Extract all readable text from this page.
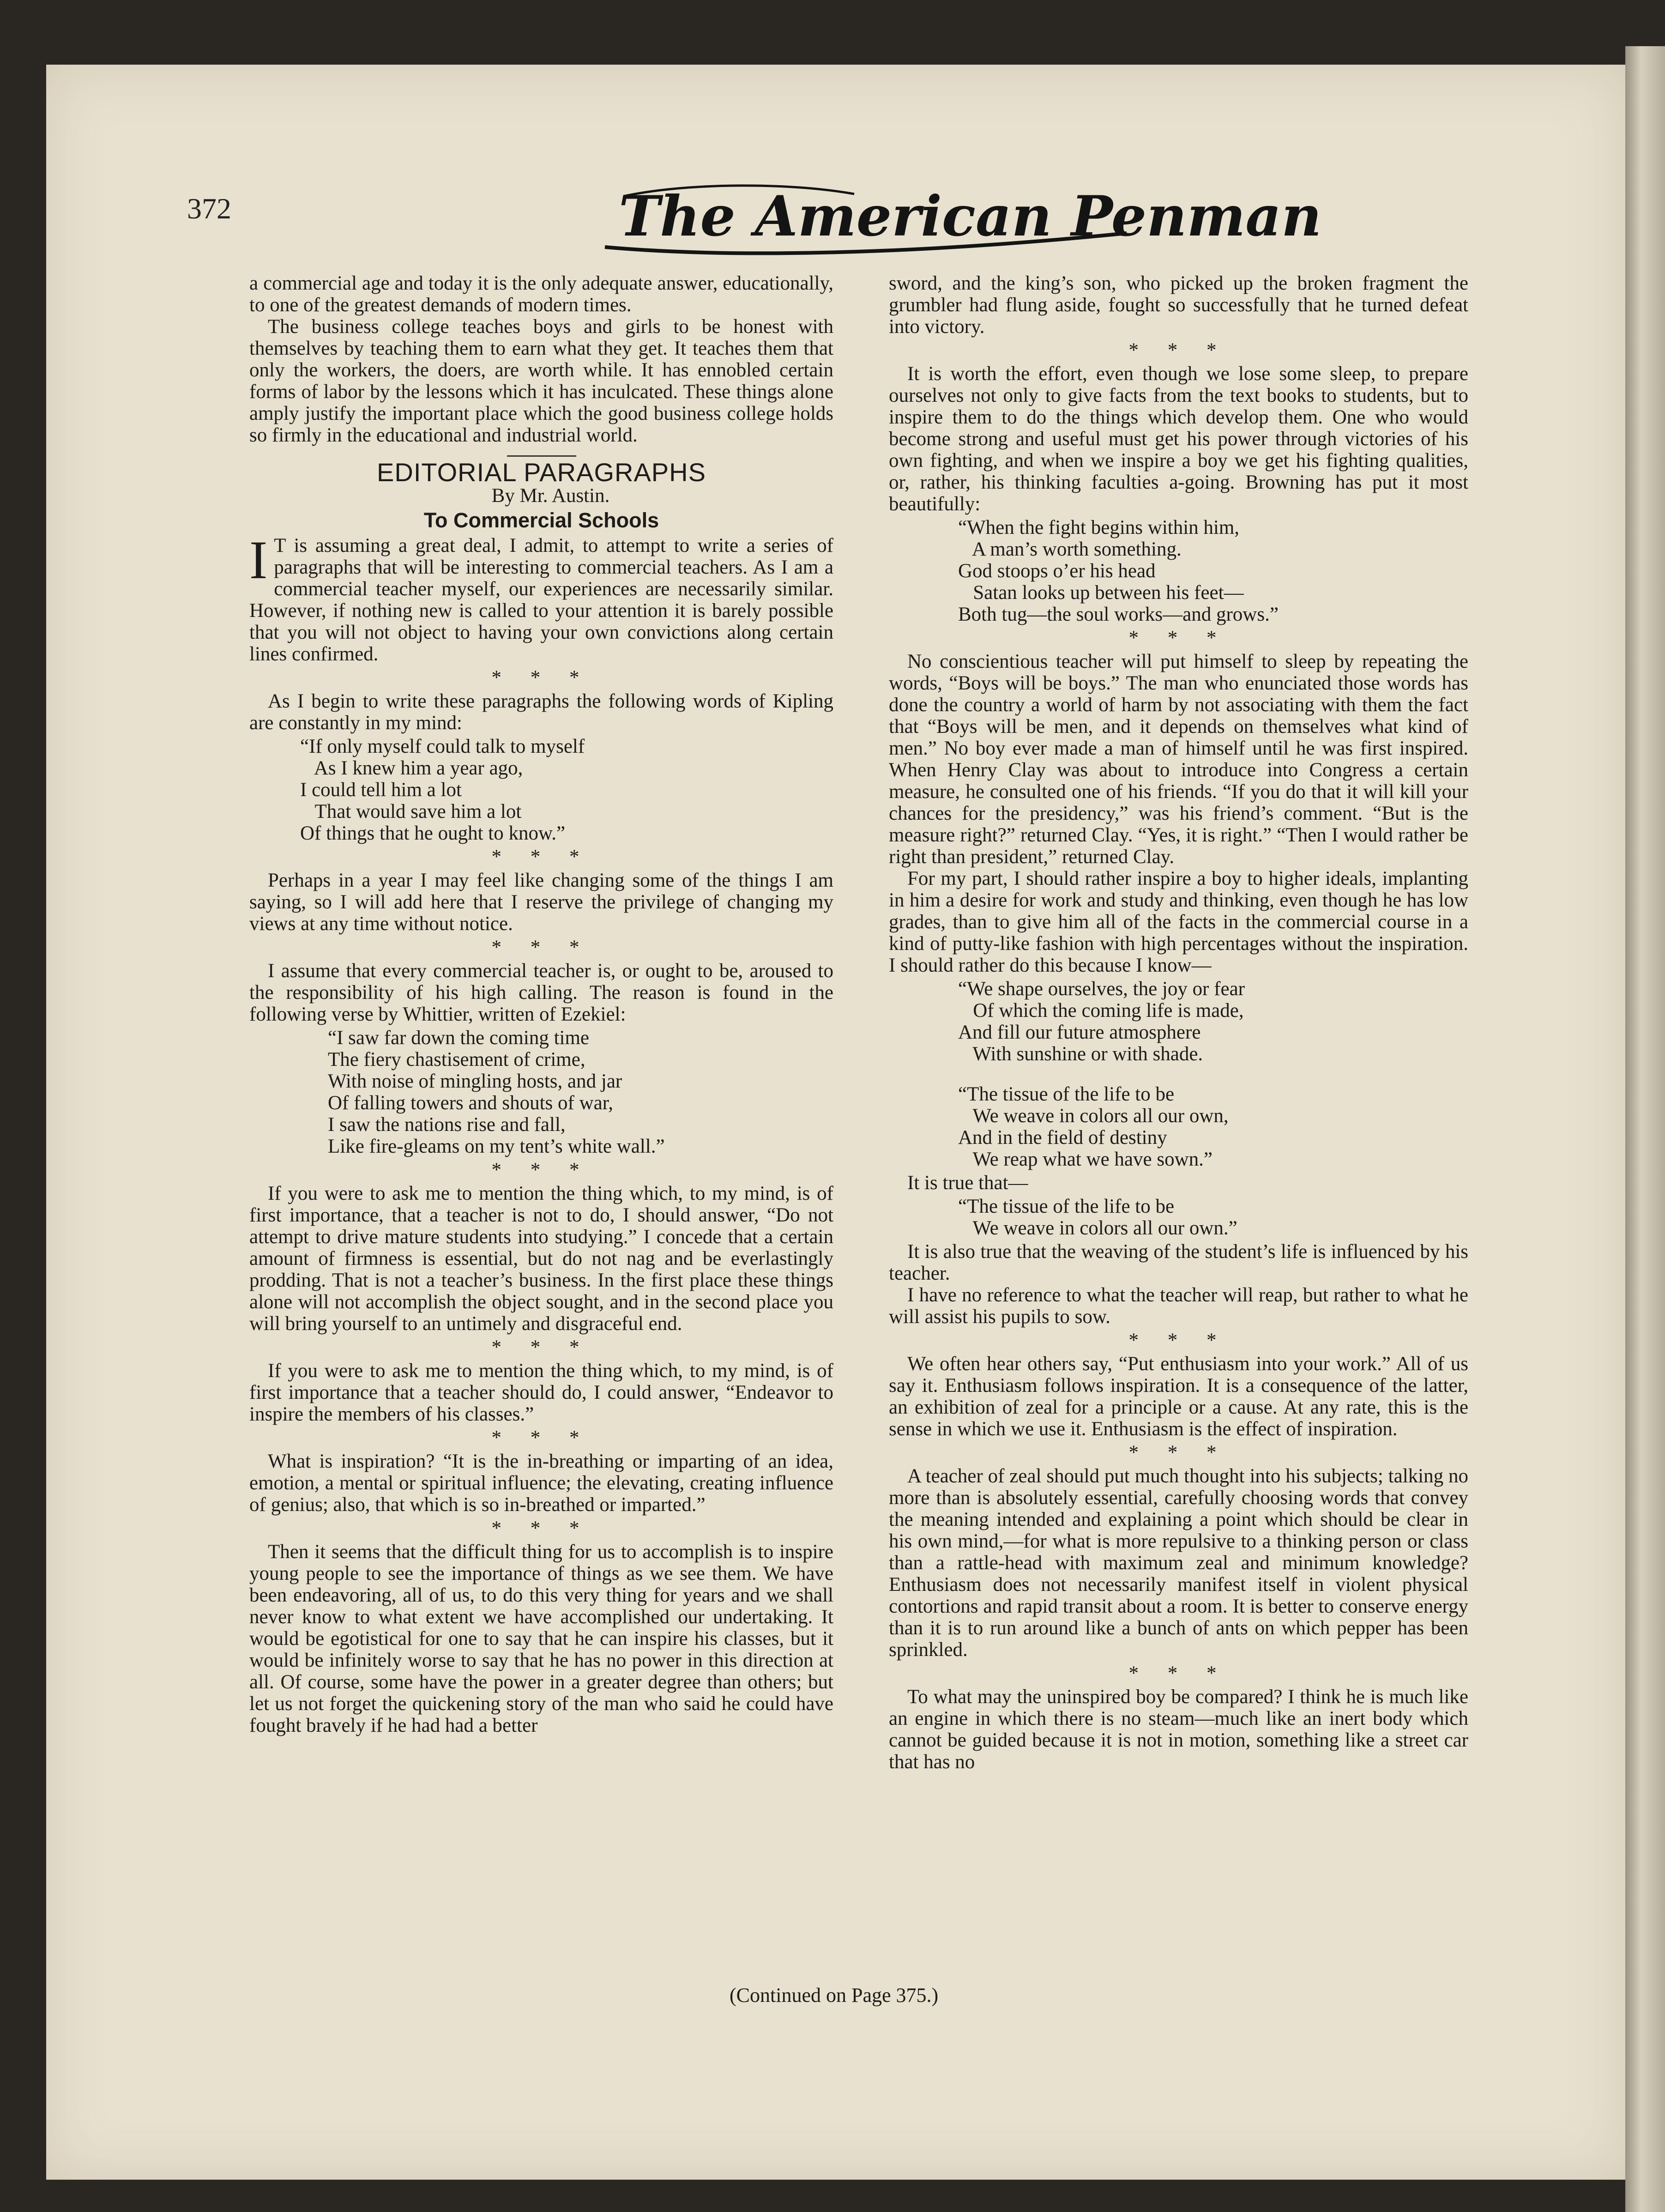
372	The American Penman

a commercial age and today it is the only adequate answer, educationally, to one of the greatest demands of modern times.

The business college teaches boys and girls to be honest with themselves by teaching them to earn what they get. It teaches them that only the workers, the doers, are worth while. It has ennobled certain forms of labor by the lessons which it has inculcated. These things alone amply justify the important place which the good business college holds so firmly in the educational and industrial world.

EDITORIAL PARAGRAPHS

By Mr. Austin.

To Commercial Schools

I T is assuming a great deal, I admit, to attempt to write a series of paragraphs that will be interesting to commercial teachers. As I am a commercial teacher myself, our experiences are necessarily similar. However, if nothing new is called to your attention it is barely possible that you will not object to having your own convictions along certain lines confirmed.

* * *

As I begin to write these paragraphs the following words of Kipling are constantly in my mind:

“If only myself could talk to myself
As I knew him a year ago,
I could tell him a lot
That would save him a lot
Of things that he ought to know.”
* * *

Perhaps in a year I may feel like changing some of the things I am saying, so I will add here that I reserve the privilege of changing my views at any time without notice.

* * *

I assume that every commercial teacher is, or ought to be, aroused to the responsibility of his high calling. The reason is found in the following verse by Whittier, written of Ezekiel:

“I saw far down the coming time
The fiery chastisement of crime,
With noise of mingling hosts, and jar
Of falling towers and shouts of war,
I saw the nations rise and fall,
Like fire-gleams on my tent’s white wall.”
* * *

If you were to ask me to mention the thing which, to my mind, is of first importance, that a teacher is not to do, I should answer, “Do not attempt to drive mature students into studying.” I concede that a certain amount of firmness is essential, but do not nag and be everlastingly prodding. That is not a teacher’s business. In the first place these things alone will not accomplish the object sought, and in the second place you will bring yourself to an untimely and disgraceful end.

* * *

If you were to ask me to mention the thing which, to my mind, is of first importance that a teacher should do, I could answer, “Endeavor to inspire the members of his classes.”

* * *

What is inspiration? “It is the in-breathing or imparting of an idea, emotion, a mental or spiritual influence; the elevating, creating influence of genius; also, that which is so in-breathed or imparted.”

* * *

Then it seems that the difficult thing for us to accomplish is to inspire young people to see the importance of things as we see them. We have been endeavoring, all of us, to do this very thing for years and we shall never know to what extent we have accomplished our undertaking. It would be egotistical for one to say that he can inspire his classes, but it would be infinitely worse to say that he has no power in this direction at all. Of course, some have the power in a greater degree than others; but let us not forget the quickening story of the man who said he could have fought bravely if he had had a better

sword, and the king’s son, who picked up the broken fragment the grumbler had flung aside, fought so successfully that he turned defeat into victory.

* * *

It is worth the effort, even though we lose some sleep, to prepare ourselves not only to give facts from the text books to students, but to inspire them to do the things which develop them. One who would become strong and useful must get his power through victories of his own fighting, and when we inspire a boy we get his fighting qualities, or, rather, his thinking faculties a-going. Browning has put it most beautifully:

“When the fight begins within him,
A man’s worth something.
God stoops o’er his head
Satan looks up between his feet—
Both tug—the soul works—and grows.”
* * *

No conscientious teacher will put himself to sleep by repeating the words, “Boys will be boys.” The man who enunciated those words has done the country a world of harm by not associating with them the fact that “Boys will be men, and it depends on themselves what kind of men.” No boy ever made a man of himself until he was first inspired. When Henry Clay was about to introduce into Congress a certain measure, he consulted one of his friends. “If you do that it will kill your chances for the presidency,” was his friend’s comment. “But is the measure right?” returned Clay. “Yes, it is right.” “Then I would rather be right than president,” returned Clay.

For my part, I should rather inspire a boy to higher ideals, implanting in him a desire for work and study and thinking, even though he has low grades, than to give him all of the facts in the commercial course in a kind of putty-like fashion with high percentages without the inspiration. I should rather do this because I know—

“We shape ourselves, the joy or fear
Of which the coming life is made,
And fill our future atmosphere
With sunshine or with shade.
“The tissue of the life to be
We weave in colors all our own,
And in the field of destiny
We reap what we have sown.”

It is true that—

“The tissue of the life to be
We weave in colors all our own.”

It is also true that the weaving of the student’s life is influenced by his teacher.

I have no reference to what the teacher will reap, but rather to what he will assist his pupils to sow.

* * *

We often hear others say, “Put enthusiasm into your work.” All of us say it. Enthusiasm follows inspiration. It is a consequence of the latter, an exhibition of zeal for a principle or a cause. At any rate, this is the sense in which we use it. Enthusiasm is the effect of inspiration.

* * *

A teacher of zeal should put much thought into his subjects; talking no more than is absolutely essential, carefully choosing words that convey the meaning intended and explaining a point which should be clear in his own mind,—for what is more repulsive to a thinking person or class than a rattle-head with maximum zeal and minimum knowledge? Enthusiasm does not necessarily manifest itself in violent physical contortions and rapid transit about a room. It is better to conserve energy than it is to run around like a bunch of ants on which pepper has been sprinkled.

* * *

To what may the uninspired boy be compared? I think he is much like an engine in which there is no steam—much like an inert body which cannot be guided because it is not in motion, something like a street car that has no

(Continued on Page 375.)
